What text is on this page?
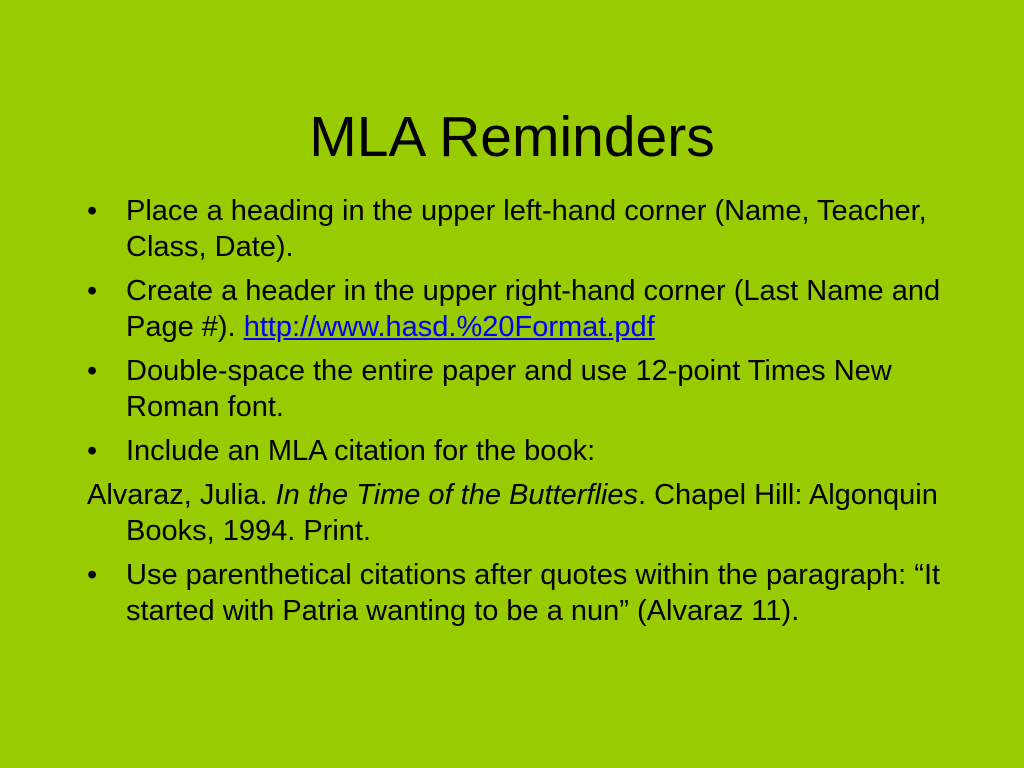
MLA Reminders
• Place a heading in the upper left-hand corner (Name, Teacher, Class, Date).
• Create a header in the upper right-hand corner (Last Name and Page #). http://www.hasd.%20Format.pdf
• Double-space the entire paper and use 12-point Times New Roman font.
• Include an MLA citation for the book:
Alvaraz, Julia. In the Time of the Butterflies. Chapel Hill: Algonquin Books, 1994. Print.
• Use parenthetical citations after quotes within the paragraph: “It started with Patria wanting to be a nun” (Alvaraz 11).
